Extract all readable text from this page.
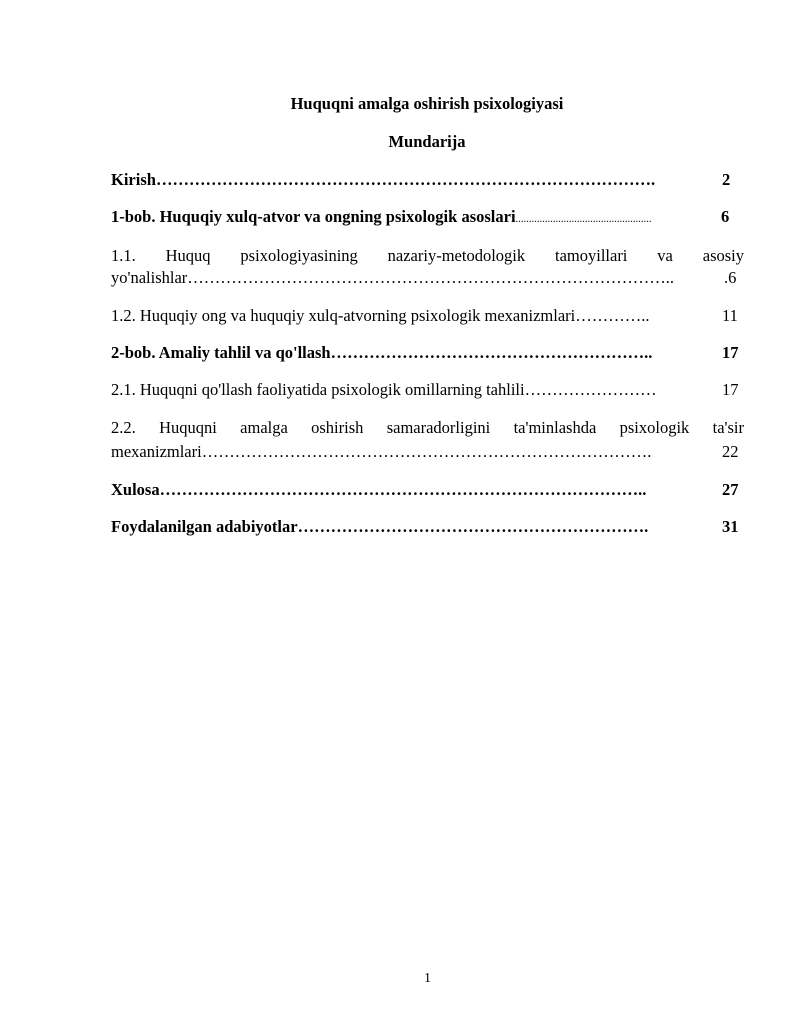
Huquqni amalga oshirish psixologiyasi
Mundarija
Kirish……………………………………………………………………………….	2
1-bob. Huquqiy xulq-atvor va ongning psixologik asoslari……………………………………………	6
1.1. Huquq psixologiyasining nazariy-metodologik tamoyillari va asosiy
yo'nalishlar……………………………………………………………………………..	.6
1.2. Huquqiy ong va huquqiy xulq-atvorning psixologik mexanizmlari…………..	11
2-bob. Amaliy tahlil va qo'llash…………………………………………………..	17
2.1. Huquqni qo'llash faoliyatida psixologik omillarning tahlili……………………	17
2.2. Huquqni amalga oshirish samaradorligini ta'minlashda psixologik ta'sir
mexanizmlari……………………………………………………………………….	22
Xulosa……………………………………………………………………………..	27
Foydalanilgan adabiyotlar……………………………………………………….	31
1
